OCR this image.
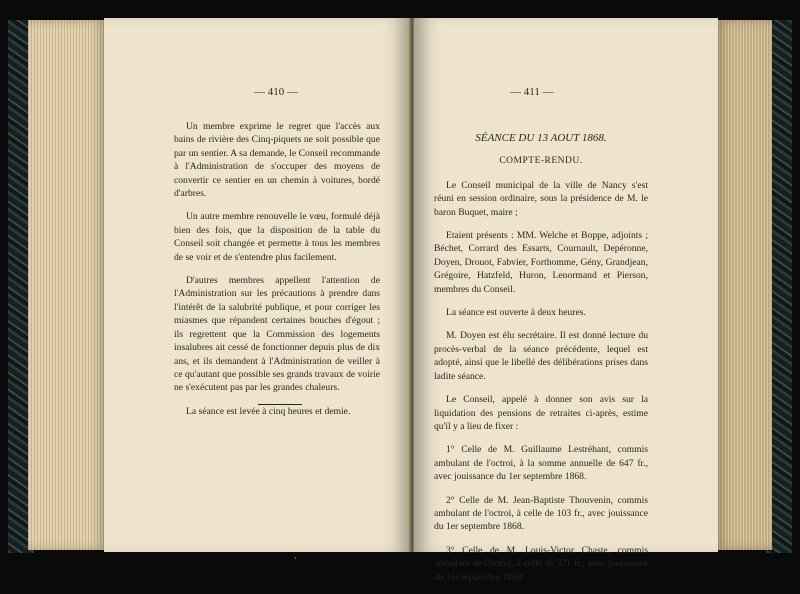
— 410 —

Un membre exprime le regret que l'accès aux bains de rivière des Cinq-piquets ne soit possible que par un sentier. A sa demande, le Conseil recommande à l'Administration de s'occuper des moyens de convertir ce sentier en un chemin à voitures, bordé d'arbres.

Un autre membre renouvelle le vœu, formulé déjà bien des fois, que la disposition de la table du Conseil soit changée et permette à tous les membres de se voir et de s'entendre plus facilement.

D'autres membres appellent l'attention de l'Administration sur les précautions à prendre dans l'intérêt de la salubrité publique, et pour corriger les miasmes que répandent certaines bouches d'égout ; ils regrettent que la Commission des logements insalubres ait cessé de fonctionner depuis plus de dix ans, et ils demandent à l'Administration de veiller à ce qu'autant que possible ses grands travaux de voirie ne s'exécutent pas par les grandes chaleurs.

La séance est levée à cinq heures et demie.

•
— 411 —

SÉANCE DU 13 AOUT 1868.

COMPTE-RENDU.

Le Conseil municipal de la ville de Nancy s'est réuni en session ordinaire, sous la présidence de M. le baron Buquet, maire ;

Etaient présents : MM. Welche et Boppe, adjoints ; Béchet, Corrard des Essarts, Cournault, Depéronne, Doyen, Drouot, Fabvier, Forthomme, Gény, Grandjean, Grégoire, Hatzfeld, Huron, Lenormand et Pierson, membres du Conseil.

La séance est ouverte à deux heures.

M. Doyen est élu secrétaire. Il est donné lecture du procès-verbal de la séance précédente, lequel est adopté, ainsi que le libellé des délibérations prises dans ladite séance.

Le Conseil, appelé à donner son avis sur la liquidation des pensions de retraites ci-après, estime qu'il y a lieu de fixer :

1° Celle de M. Guillaume Lestréhant, commis ambulant de l'octroi, à la somme annuelle de 647 fr., avec jouissance du 1er septembre 1868.

2° Celle de M. Jean-Baptiste Thouvenin, commis ambulant de l'octroi, à celle de 103 fr., avec jouissance du 1er septembre 1868.

3° Celle de M. Louis-Victor Chaste, commis ambulant de l'octroi, à celle de 371 fr., avec jouissance du 1er septembre 1868.
